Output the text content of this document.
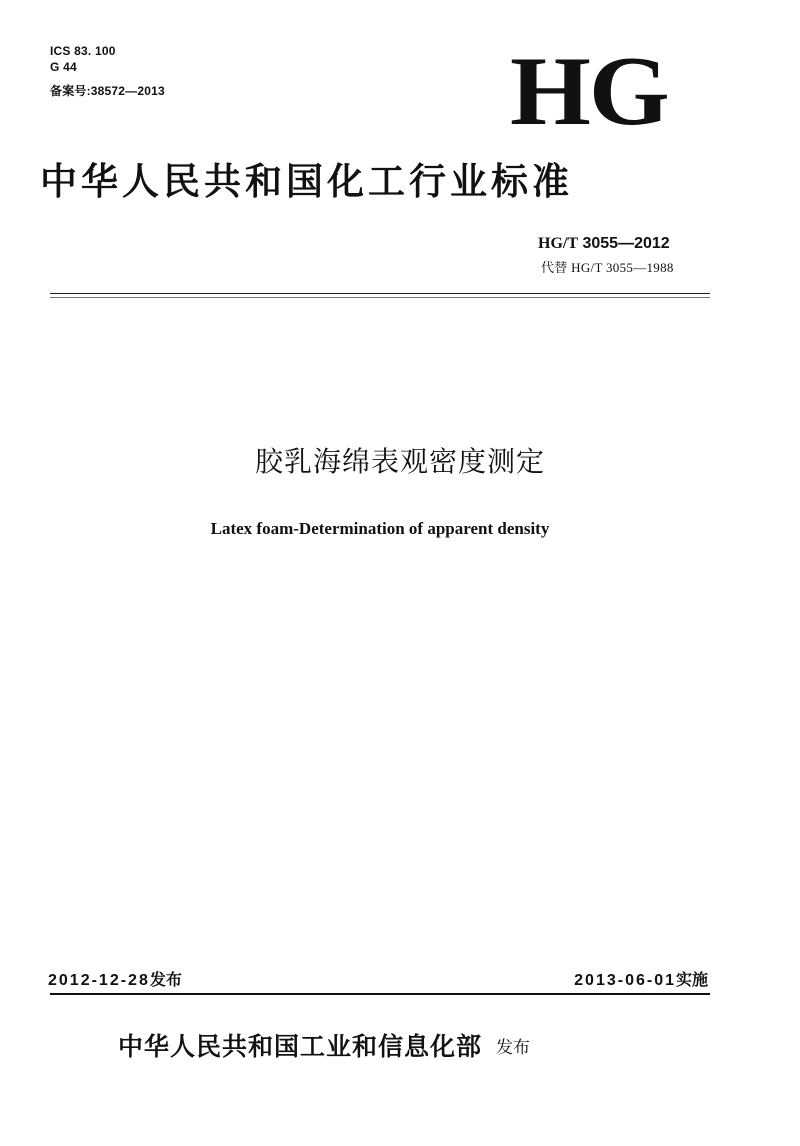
ICS 83. 100
G 44
备案号:38572—2013	HG
中华人民共和国化工行业标准
HG/T 3055—2012
代替 HG/T 3055—1988
胶乳海绵表观密度测定
Latex foam-Determination of apparent density
2012-12-28发布	2013-06-01实施
中华人民共和国工业和信息化部 发布
